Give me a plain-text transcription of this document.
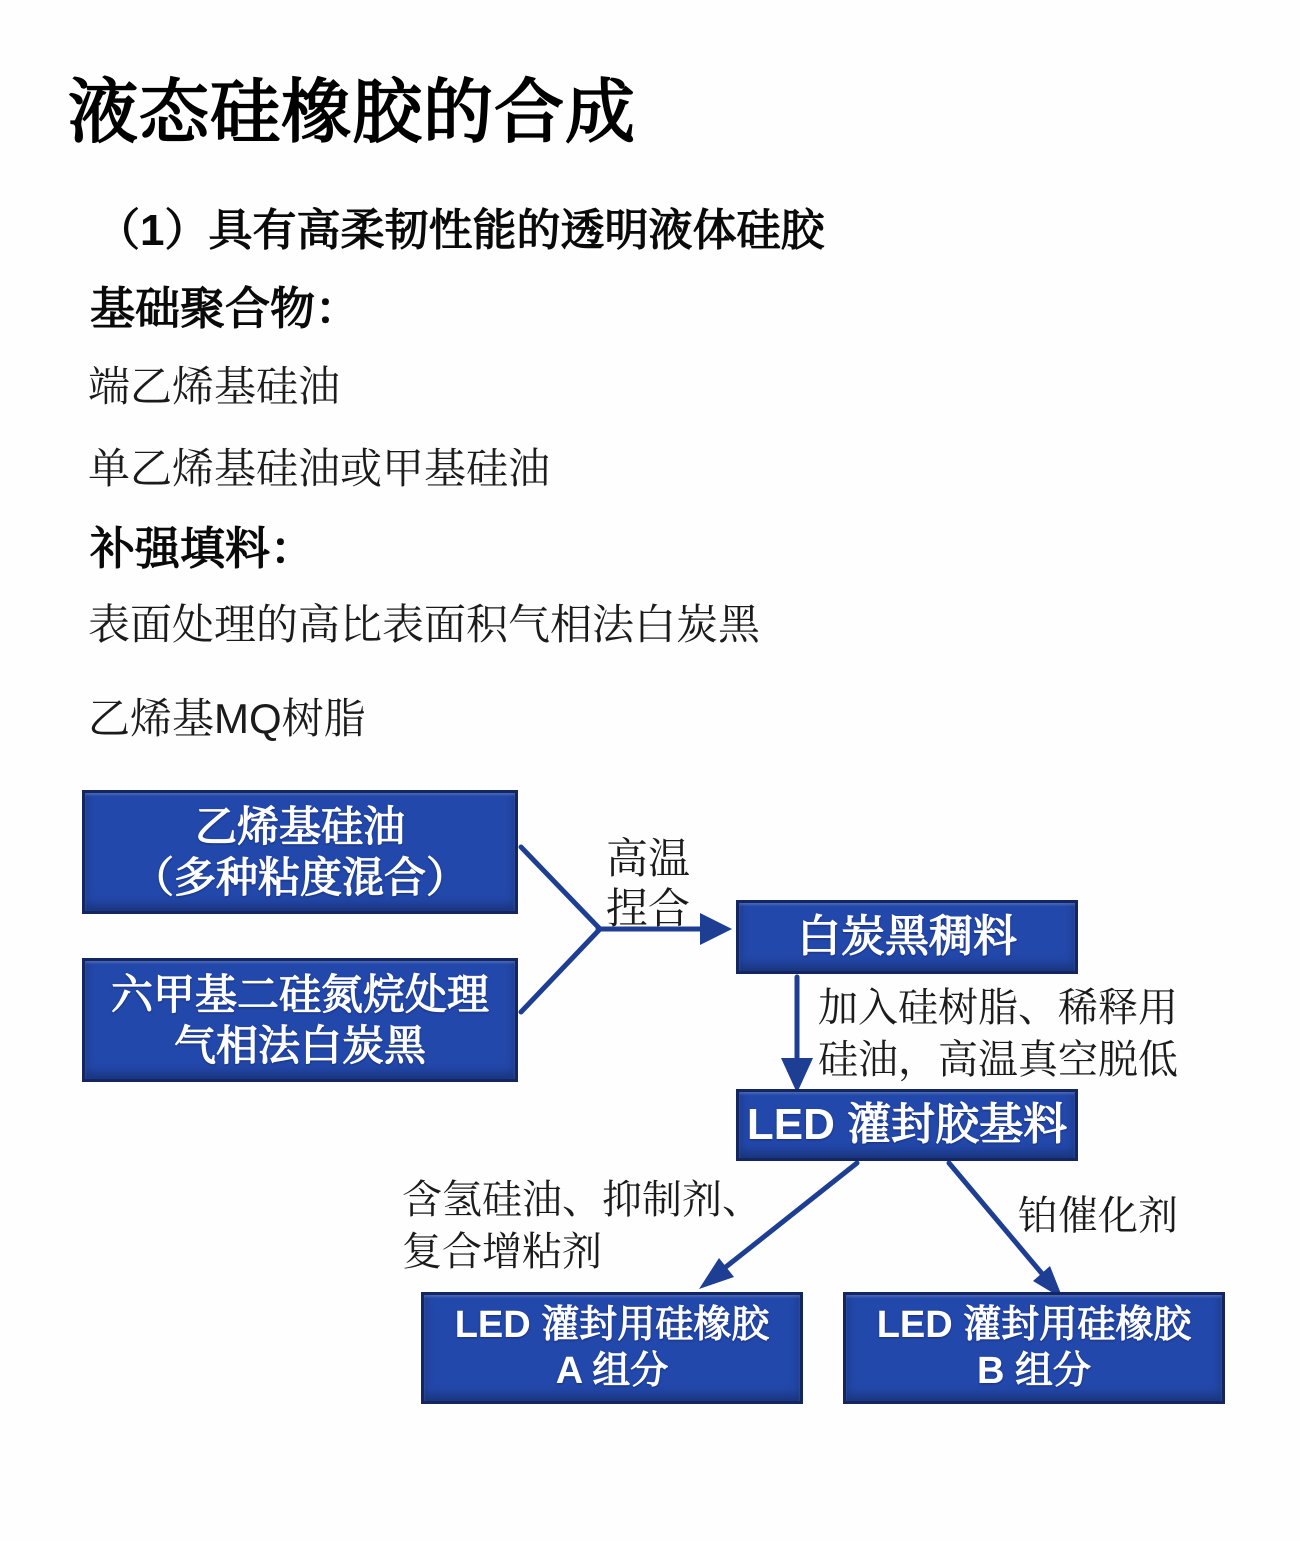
液态硅橡胶的合成
（1）具有高柔韧性能的透明液体硅胶
基础聚合物：
端乙烯基硅油
单乙烯基硅油或甲基硅油
补强填料：
表面处理的高比表面积气相法白炭黑
乙烯基MQ树脂
乙烯基硅油
（多种粘度混合）
六甲基二硅氮烷处理
气相法白炭黑
白炭黑稠料
LED 灌封胶基料
LED 灌封用硅橡胶
A 组分
LED 灌封用硅橡胶
B 组分
高温
捏合
加入硅树脂、稀释用
硅油，高温真空脱低
含氢硅油、抑制剂、
复合增粘剂
铂催化剂
